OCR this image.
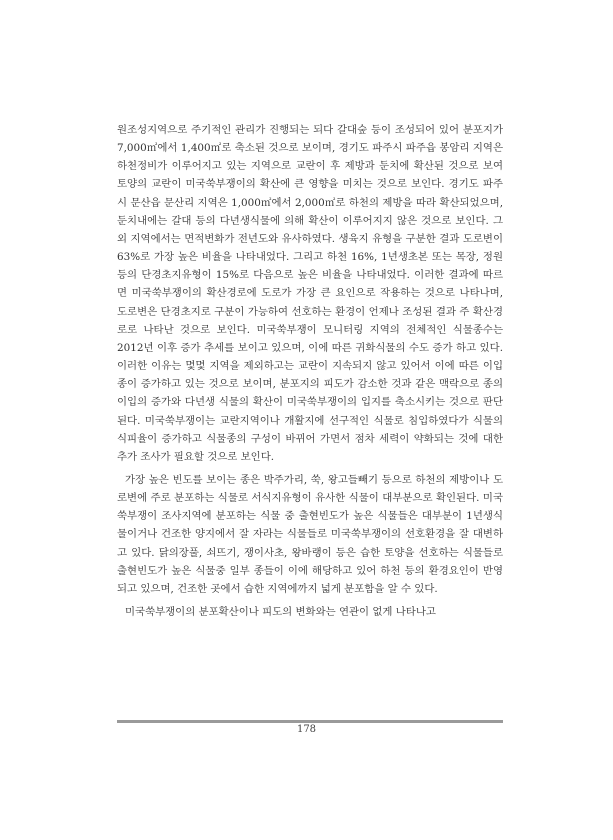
원조성지역으로 주기적인 관리가 진행되는 되다 갈대숲 등이 조성되어 있어 분포지가 7,000㎡에서 1,400㎡로 축소된 것으로 보이며, 경기도 파주시 파주읍 봉암리 지역은 하천정비가 이루어지고 있는 지역으로 교란이 후 제방과 둔치에 확산된 것으로 보여 토양의 교란이 미국쑥부쟁이의 확산에 큰 영향을 미치는 것으로 보인다. 경기도 파주시 문산읍 문산리 지역은 1,000㎡에서 2,000㎡로 하천의 제방을 따라 확산되었으며, 둔치내에는 갈대 등의 다년생식물에 의해 확산이 이루어지지 않은 것으로 보인다. 그 외 지역에서는 면적변화가 전년도와 유사하였다. 생육지 유형을 구분한 결과 도로변이 63%로 가장 높은 비율을 나타내었다. 그리고 하천 16%, 1년생초본 또는 목장, 정원등의 단경초지유형이 15%로 다음으로 높은 비율을 나타내었다. 이러한 결과에 따르면 미국쑥부쟁이의 확산경로에 도로가 가장 큰 요인으로 작용하는 것으로 나타나며, 도로변은 단경초지로 구분이 가능하여 선호하는 환경이 언제나 조성된 결과 주 확산경로로 나타난 것으로 보인다. 미국쑥부쟁이 모니터링 지역의 전체적인 식물종수는 2012년 이후 증가 추세를 보이고 있으며, 이에 따른 귀화식물의 수도 증가 하고 있다. 이러한 이유는 몇몇 지역을 제외하고는 교란이 지속되지 않고 있어서 이에 따른 이입종이 증가하고 있는 것으로 보이며, 분포지의 피도가 감소한 것과 같은 맥락으로 종의 이입의 증가와 다년생 식물의 확산이 미국쑥부쟁이의 입지를 축소시키는 것으로 판단된다. 미국쑥부쟁이는 교란지역이나 개활지에 선구적인 식물로 침입하였다가 식물의 식피율이 증가하고 식물종의 구성이 바뀌어 가면서 점차 세력이 약화되는 것에 대한 추가 조사가 필요할 것으로 보인다.

가장 높은 빈도를 보이는 종은 박주가리, 쑥, 왕고들빼기 등으로 하천의 제방이나 도로변에 주로 분포하는 식물로 서식지유형이 유사한 식물이 대부분으로 확인된다. 미국쑥부쟁이 조사지역에 분포하는 식물 중 출현빈도가 높은 식물들은 대부분이 1년생식물이거나 건조한 양지에서 잘 자라는 식물들로 미국쑥부쟁이의 선호환경을 잘 대변하고 있다. 닭의장풀, 쇠뜨기, 쟁이사초, 왕바랭이 등은 습한 토양을 선호하는 식물들로 출현빈도가 높은 식물중 일부 종들이 이에 해당하고 있어 하천 등의 환경요인이 반영되고 있으며, 건조한 곳에서 습한 지역에까지 넓게 분포함을 알 수 있다.

미국쑥부쟁이의 분포확산이나 피도의 변화와는 연관이 없게 나타나고

178
